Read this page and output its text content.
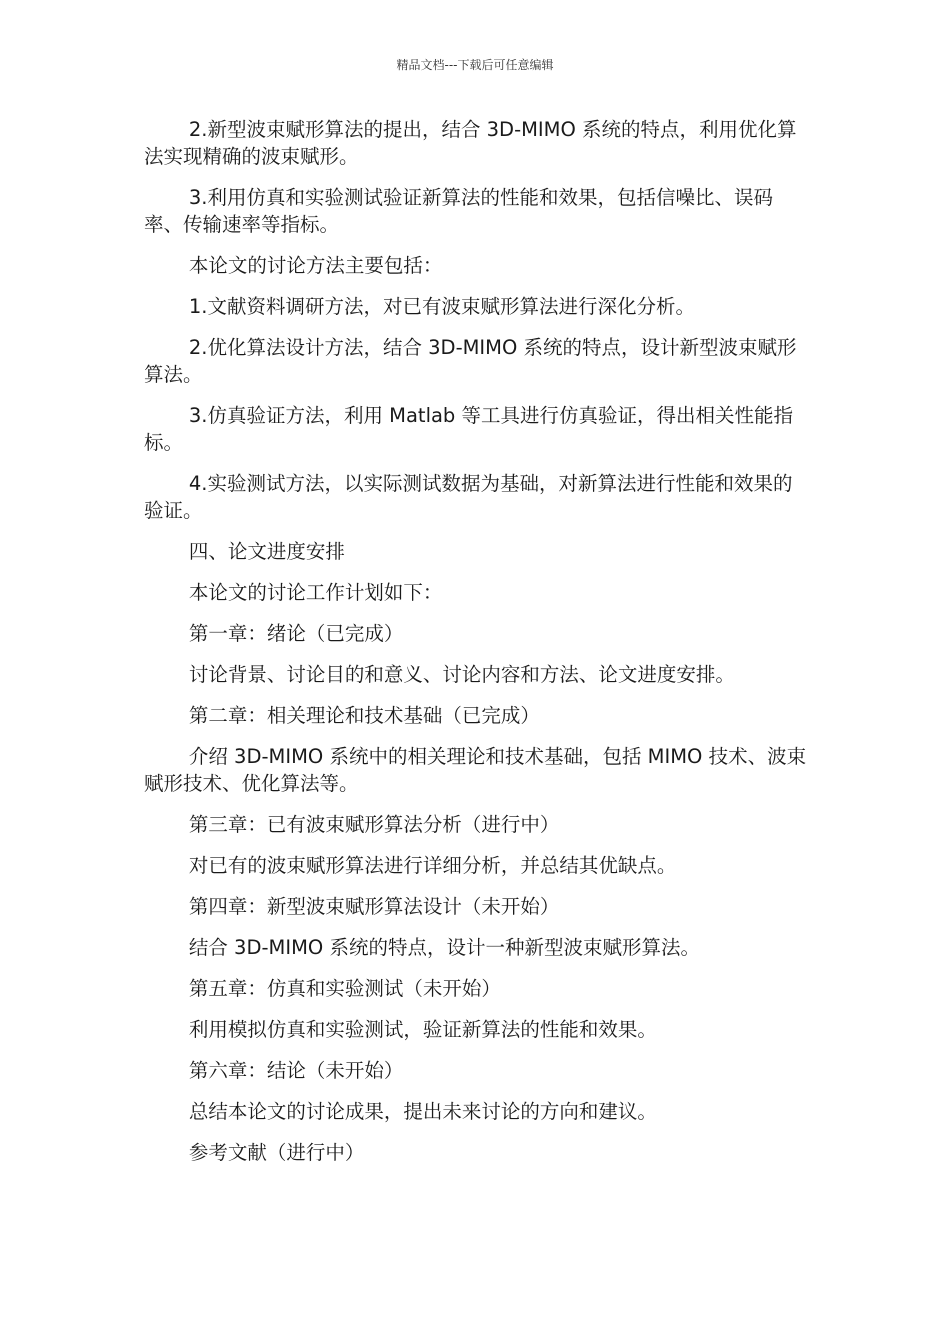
精品文档---下载后可任意编辑

2.新型波束赋形算法的提出，结合 3D-MIMO 系统的特点，利用优化算法实现精确的波束赋形。

3.利用仿真和实验测试验证新算法的性能和效果，包括信噪比、误码率、传输速率等指标。

本论文的讨论方法主要包括：

1.文献资料调研方法，对已有波束赋形算法进行深化分析。

2.优化算法设计方法，结合 3D-MIMO 系统的特点，设计新型波束赋形算法。

3.仿真验证方法，利用 Matlab 等工具进行仿真验证，得出相关性能指标。

4.实验测试方法，以实际测试数据为基础，对新算法进行性能和效果的验证。

四、论文进度安排

本论文的讨论工作计划如下：

第一章：绪论（已完成）

讨论背景、讨论目的和意义、讨论内容和方法、论文进度安排。

第二章：相关理论和技术基础（已完成）

介绍 3D-MIMO 系统中的相关理论和技术基础，包括 MIMO 技术、波束赋形技术、优化算法等。

第三章：已有波束赋形算法分析（进行中）

对已有的波束赋形算法进行详细分析，并总结其优缺点。

第四章：新型波束赋形算法设计（未开始）

结合 3D-MIMO 系统的特点，设计一种新型波束赋形算法。

第五章：仿真和实验测试（未开始）

利用模拟仿真和实验测试，验证新算法的性能和效果。

第六章：结论（未开始）

总结本论文的讨论成果，提出未来讨论的方向和建议。

参考文献（进行中）
